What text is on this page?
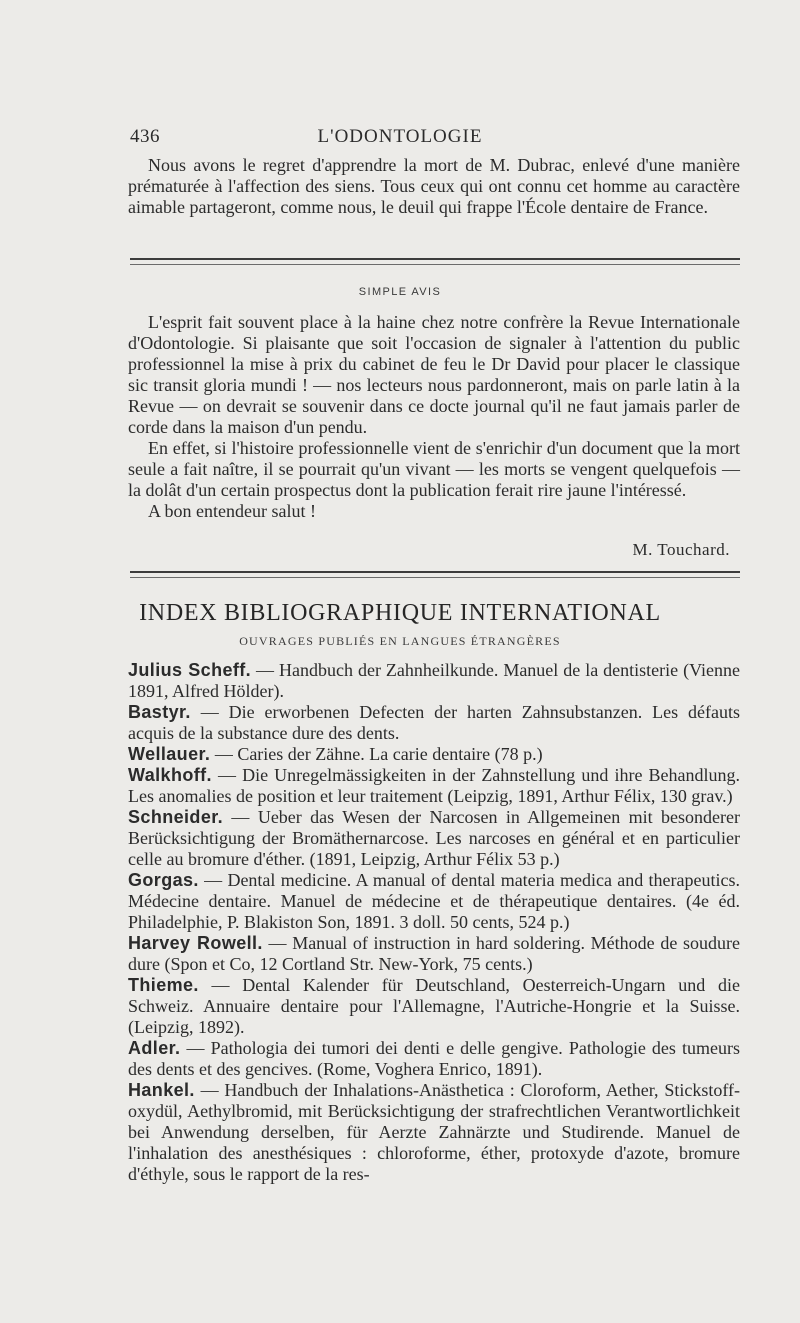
436	L'ODONTOLOGIE

Nous avons le regret d'apprendre la mort de M. Dubrac, enlevé d'une manière prématurée à l'affection des siens. Tous ceux qui ont connu cet homme au caractère aimable partageront, comme nous, le deuil qui frappe l'École dentaire de France.

SIMPLE AVIS

L'esprit fait souvent place à la haine chez notre confrère la Revue Internationale d'Odontologie. Si plaisante que soit l'occasion de signaler à l'attention du public professionnel la mise à prix du cabinet de feu le Dr David pour placer le classique sic transit gloria mundi ! — nos lecteurs nous pardonneront, mais on parle latin à la Revue — on devrait se souvenir dans ce docte journal qu'il ne faut jamais parler de corde dans la maison d'un pendu.

En effet, si l'histoire professionnelle vient de s'enrichir d'un document que la mort seule a fait naître, il se pourrait qu'un vivant — les morts se vengent quelquefois — la dolât d'un certain prospectus dont la publication ferait rire jaune l'intéressé.

A bon entendeur salut !

M. Touchard.
INDEX BIBLIOGRAPHIQUE INTERNATIONAL
OUVRAGES PUBLIÉS EN LANGUES ÉTRANGÈRES

Julius Scheff. — Handbuch der Zahnheilkunde. Manuel de la dentisterie (Vienne 1891, Alfred Hölder).

Bastyr. — Die erworbenen Defecten der harten Zahnsubstanzen. Les défauts acquis de la substance dure des dents.

Wellauer. — Caries der Zähne. La carie dentaire (78 p.)

Walkhoff. — Die Unregelmässigkeiten in der Zahnstellung und ihre Behandlung. Les anomalies de position et leur traitement (Leipzig, 1891, Arthur Félix, 130 grav.)

Schneider. — Ueber das Wesen der Narcosen in Allgemeinen mit besonderer Berücksichtigung der Bromäthernarcose. Les narcoses en général et en particulier celle au bromure d'éther. (1891, Leipzig, Arthur Félix 53 p.)

Gorgas. — Dental medicine. A manual of dental materia medica and therapeutics. Médecine dentaire. Manuel de médecine et de thérapeutique dentaires. (4e éd. Philadelphie, P. Blakiston Son, 1891. 3 doll. 50 cents, 524 p.)

Harvey Rowell. — Manual of instruction in hard soldering. Méthode de soudure dure (Spon et Co, 12 Cortland Str. New-York, 75 cents.)

Thieme. — Dental Kalender für Deutschland, Oesterreich-Ungarn und die Schweiz. Annuaire dentaire pour l'Allemagne, l'Autriche-Hongrie et la Suisse. (Leipzig, 1892).

Adler. — Pathologia dei tumori dei denti e delle gengive. Pathologie des tumeurs des dents et des gencives. (Rome, Voghera Enrico, 1891).

Hankel. — Handbuch der Inhalations-Anästhetica : Cloroform, Aether, Stickstoff-oxydül, Aethylbromid, mit Berücksichtigung der strafrechtlichen Verantwortlichkeit bei Anwendung derselben, für Aerzte Zahnärzte und Studirende. Manuel de l'inhalation des anesthésiques : chloroforme, éther, protoxyde d'azote, bromure d'éthyle, sous le rapport de la res-
